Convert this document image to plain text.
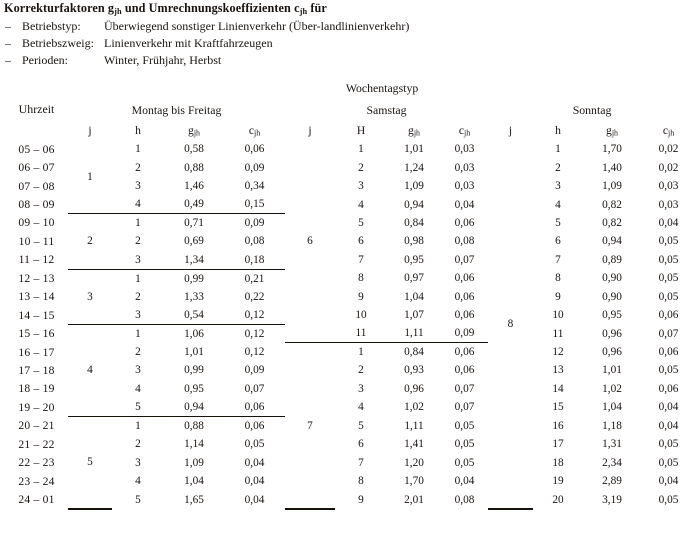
Korrekturfaktoren $g_{jh}$ und Umrechnungskoeffizienten $c_{jh}$ für
– Betriebstyp:	Überwiegend sonstiger Linienverkehr (Über-landlinienverkehr)
– Betriebszweig: Linienverkehr mit Kraftfahrzeugen
– Perioden:	Winter, Frühjahr, Herbst
Uhrzeit	Wochentagstyp											
	Montag bis Freitag				Samstag				Sonntag			
	j	h	$g_{jh}$	$c_{jh}$	j	H	$g_{jh}$	$c_{jh}$	j	h	$g_{jh}$	$c_{jh}$
05 – 06	1	1	0,58	0,06	6	1	1,01	0,03	8	1	1,70	0,02
06 – 07		2	0,88	0,09		2	1,24	0,03		2	1,40	0,02
07 – 08		3	1,46	0,34		3	1,09	0,03		3	1,09	0,03
08 – 09		4	0,49	0,15		4	0,94	0,04		4	0,82	0,03
09 – 10	2	1	0,71	0,09		5	0,84	0,06		5	0,82	0,04
10 – 11		2	0,69	0,08		6	0,98	0,08		6	0,94	0,05
11 – 12		3	1,34	0,18		7	0,95	0,07		7	0,89	0,05
12 – 13	3	1	0,99	0,21		8	0,97	0,06		8	0,90	0,05
13 – 14		2	1,33	0,22		9	1,04	0,06		9	0,90	0,05
14 – 15		3	0,54	0,12		10	1,07	0,06		10	0,95	0,06
15 – 16	4	1	1,06	0,12		11	1,11	0,09		11	0,96	0,07
16 – 17		2	1,01	0,12	7	1	0,84	0,06		12	0,96	0,06
17 – 18		3	0,99	0,09		2	0,93	0,06		13	1,01	0,05
18 – 19		4	0,95	0,07		3	0,96	0,07		14	1,02	0,06
19 – 20		5	0,94	0,06		4	1,02	0,07		15	1,04	0,04
20 – 21	5	1	0,88	0,06		5	1,11	0,05		16	1,18	0,04
21 – 22		2	1,14	0,05		6	1,41	0,05		17	1,31	0,05
22 – 23		3	1,09	0,04		7	1,20	0,05		18	2,34	0,05
23 – 24		4	1,04	0,04		8	1,70	0,04		19	2,89	0,04
24 – 01		5	1,65	0,04		9	2,01	0,08		20	3,19	0,05
